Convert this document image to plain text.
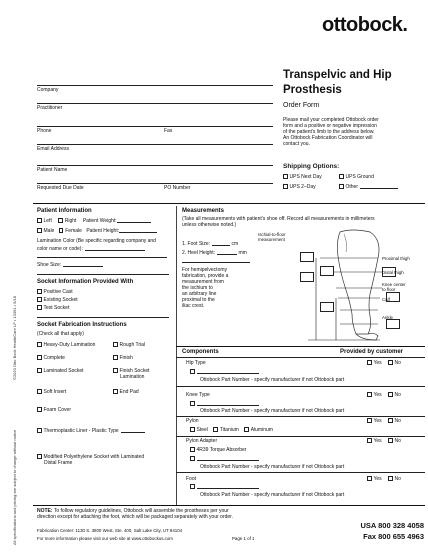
ottobock.
©2020 Otto Bock HealthCare LP • 13391 • 5/18
All specifications and pricing are subject to change without notice
Company
Practitioner
Phone	Fax
Email Address
Patient Name
Requested Due Date	PO Number
Transpelvic and Hip
Prosthesis
Order Form
Please mail your completed Ottobock order
form and a positive or negative impression
of the patient’s limb to the address below.
An Ottobock Fabrication Coordinator will
contact you.
Shipping Options:
UPS Next Day	UPS Ground
UPS 2–Day	Other
Patient Information
Left	Right Patient Weight:
Male Female Patient Height:
Lamination Color (Be specific regarding company and
color name or code):
Shoe Size:
Socket Information Provided With
Positive Cast
Existing Socket
Test Socket
Socket Fabrication Instructions
(Check all that apply)
Heavy-Duty Lamination	Rough Trial
Complete	Finish
Laminated Socket	Finish Socket
Lamination
Soft Insert	End Pad
Foam Cover
Thermoplastic Liner - Plastic Type
Modified Polyethylene Socket with Laminated
Distal Frame
Measurements
(Take all measurements with patient’s shoe off. Record all measurements in millimeters
unless otherwise noted.)
1. Foot Size:	cm
2. Heel Height:	mm
For hemipelvectomy
fabrication, provide a
measurement from
the ischium to
an arbitrary line
proximal to the
iliac crest.
Ischial-to-floor
measurement
Proximal thigh
Distal thigh
Knee center
to floor
Calf
Ankle
Components	Provided by customer
Hip Type	Yes	No
Ottobock Part Number - specify manufacturer if not Ottobock part
Knee Type	Yes	No
Ottobock Part Number - specify manufacturer if not Ottobock part
Pylon	Yes	No
Steel Titanium Aluminum
Pylon Adapter	Yes	No
4R39 Torque Absorber
Ottobock Part Number - specify manufacturer if not Ottobock part
Foot	Yes	No
Ottobock Part Number - specify manufacturer if not Ottobock part
NOTE: To follow regulatory guidelines, Ottobock will assemble the prostheses per your
direction except for attaching the foot, which will be packaged separately with your order.
Fabrication Center: 1130 S. 3800 West, Ste. 400, Salt Lake City, UT 84104
For more information please visit our web site at www.ottobockus.com	Page 1 of 1
USA 800 328 4058
Fax 800 655 4963
